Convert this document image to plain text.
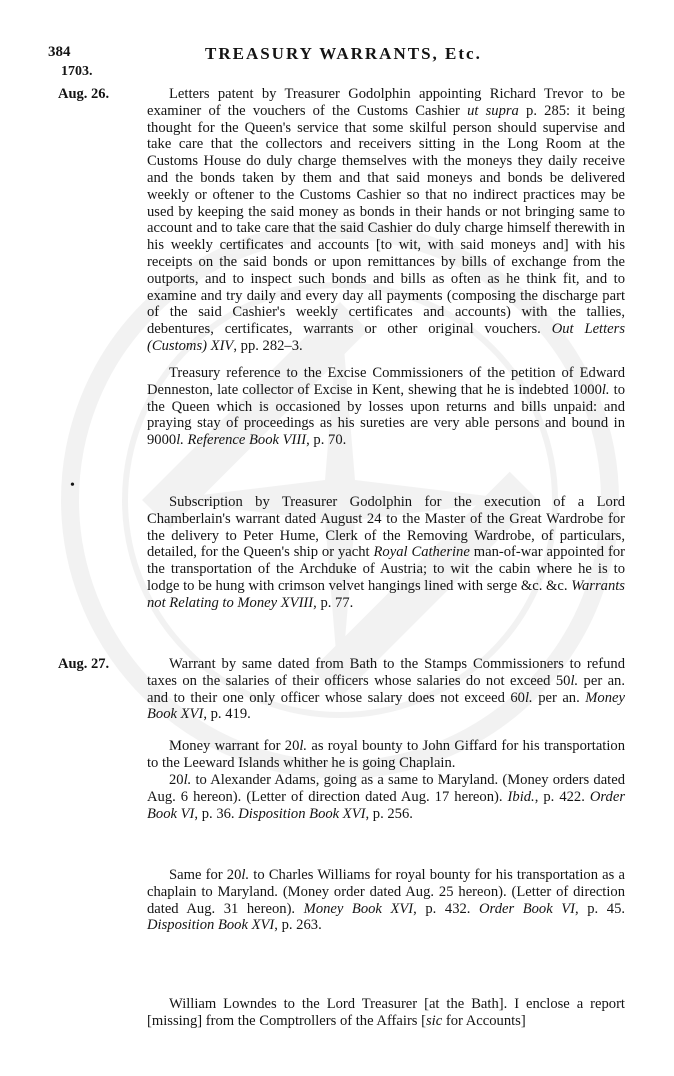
384	TREASURY WARRANTS, Etc.
1703.
Aug. 26.
Aug. 27.
•

Letters patent by Treasurer Godolphin appointing Richard Trevor to be examiner of the vouchers of the Customs Cashier ut supra p. 285: it being thought for the Queen's service that some skilful person should supervise and take care that the collectors and receivers sitting in the Long Room at the Customs House do duly charge themselves with the moneys they daily receive and the bonds taken by them and that said moneys and bonds be delivered weekly or oftener to the Customs Cashier so that no indirect practices may be used by keeping the said money as bonds in their hands or not bringing same to account and to take care that the said Cashier do duly charge himself therewith in his weekly certificates and accounts [to wit, with said moneys and] with his receipts on the said bonds or upon remittances by bills of exchange from the outports, and to inspect such bonds and bills as often as he think fit, and to examine and try daily and every day all payments (composing the discharge part of the said Cashier's weekly certificates and accounts) with the tallies, debentures, certificates, warrants or other original vouchers. Out Letters (Customs) XIV, pp. 282–3.

Treasury reference to the Excise Commissioners of the petition of Edward Denneston, late collector of Excise in Kent, shewing that he is indebted 1000l. to the Queen which is occasioned by losses upon returns and bills unpaid: and praying stay of proceedings as his sureties are very able persons and bound in 9000l. Reference Book VIII, p. 70.

Subscription by Treasurer Godolphin for the execution of a Lord Chamberlain's warrant dated August 24 to the Master of the Great Wardrobe for the delivery to Peter Hume, Clerk of the Removing Wardrobe, of particulars, detailed, for the Queen's ship or yacht Royal Catherine man-of-war appointed for the transportation of the Archduke of Austria; to wit the cabin where he is to lodge to be hung with crimson velvet hangings lined with serge &c. &c. Warrants not Relating to Money XVIII, p. 77.

Warrant by same dated from Bath to the Stamps Commissioners to refund taxes on the salaries of their officers whose salaries do not exceed 50l. per an. and to their one only officer whose salary does not exceed 60l. per an. Money Book XVI, p. 419.

Money warrant for 20l. as royal bounty to John Giffard for his transportation to the Leeward Islands whither he is going Chaplain.

20l. to Alexander Adams, going as a same to Maryland. (Money orders dated Aug. 6 hereon). (Letter of direction dated Aug. 17 hereon). Ibid., p. 422. Order Book VI, p. 36. Disposition Book XVI, p. 256.

Same for 20l. to Charles Williams for royal bounty for his transportation as a chaplain to Maryland. (Money order dated Aug. 25 hereon). (Letter of direction dated Aug. 31 hereon). Money Book XVI, p. 432. Order Book VI, p. 45. Disposition Book XVI, p. 263.

William Lowndes to the Lord Treasurer [at the Bath]. I enclose a report [missing] from the Comptrollers of the Affairs [sic for Accounts]
